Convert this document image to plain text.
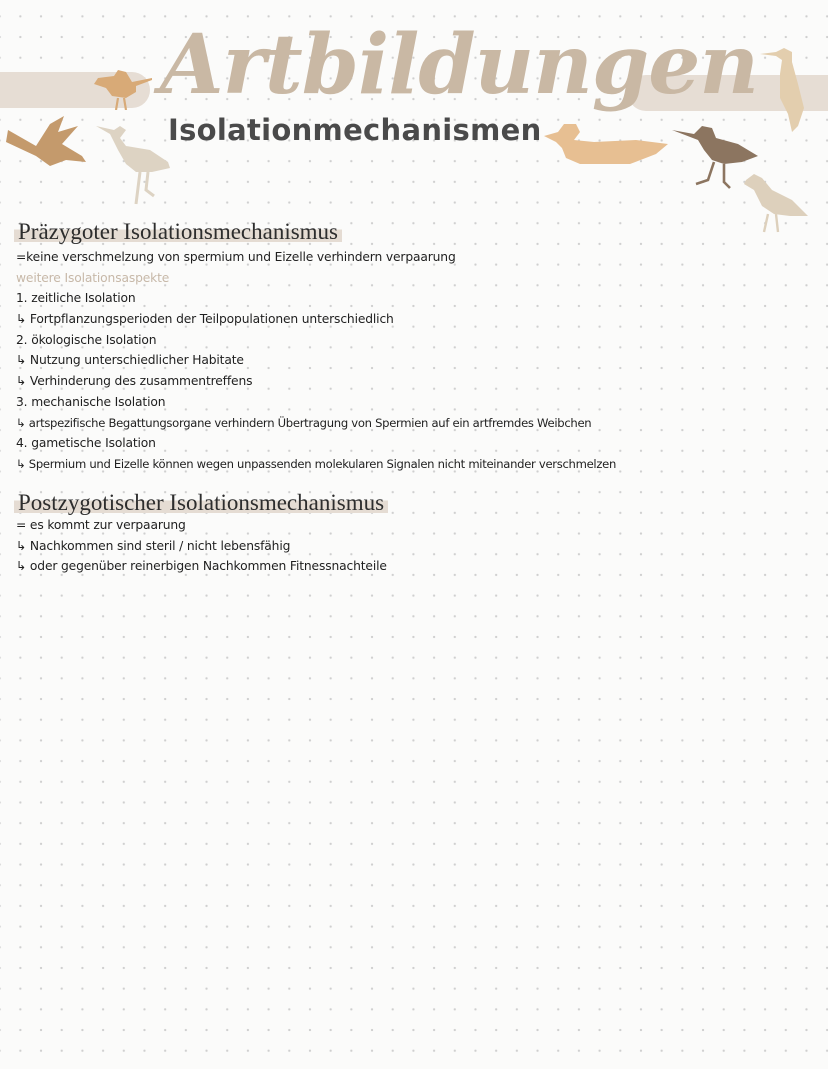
Artbildungen
Isolationmechanismen
Präzygoter Isolationsmechanismus
=keine verschmelzung von spermium und Eizelle verhindern verpaarung
weitere Isolationsaspekte
1. zeitliche Isolation
↳ Fortpflanzungsperioden der Teilpopulationen unterschiedlich
2. ökologische Isolation
↳ Nutzung unterschiedlicher Habitate
↳ Verhinderung des zusammentreffens
3. mechanische Isolation
↳ artspezifische Begattungsorgane verhindern Übertragung von Spermien auf ein artfremdes Weibchen
4. gametische Isolation
↳ Spermium und Eizelle können wegen unpassenden molekularen Signalen nicht miteinander verschmelzen
Postzygotischer Isolationsmechanismus
= es kommt zur verpaarung
↳ Nachkommen sind steril / nicht lebensfähig
↳ oder gegenüber reinerbigen Nachkommen Fitnessnachteile
